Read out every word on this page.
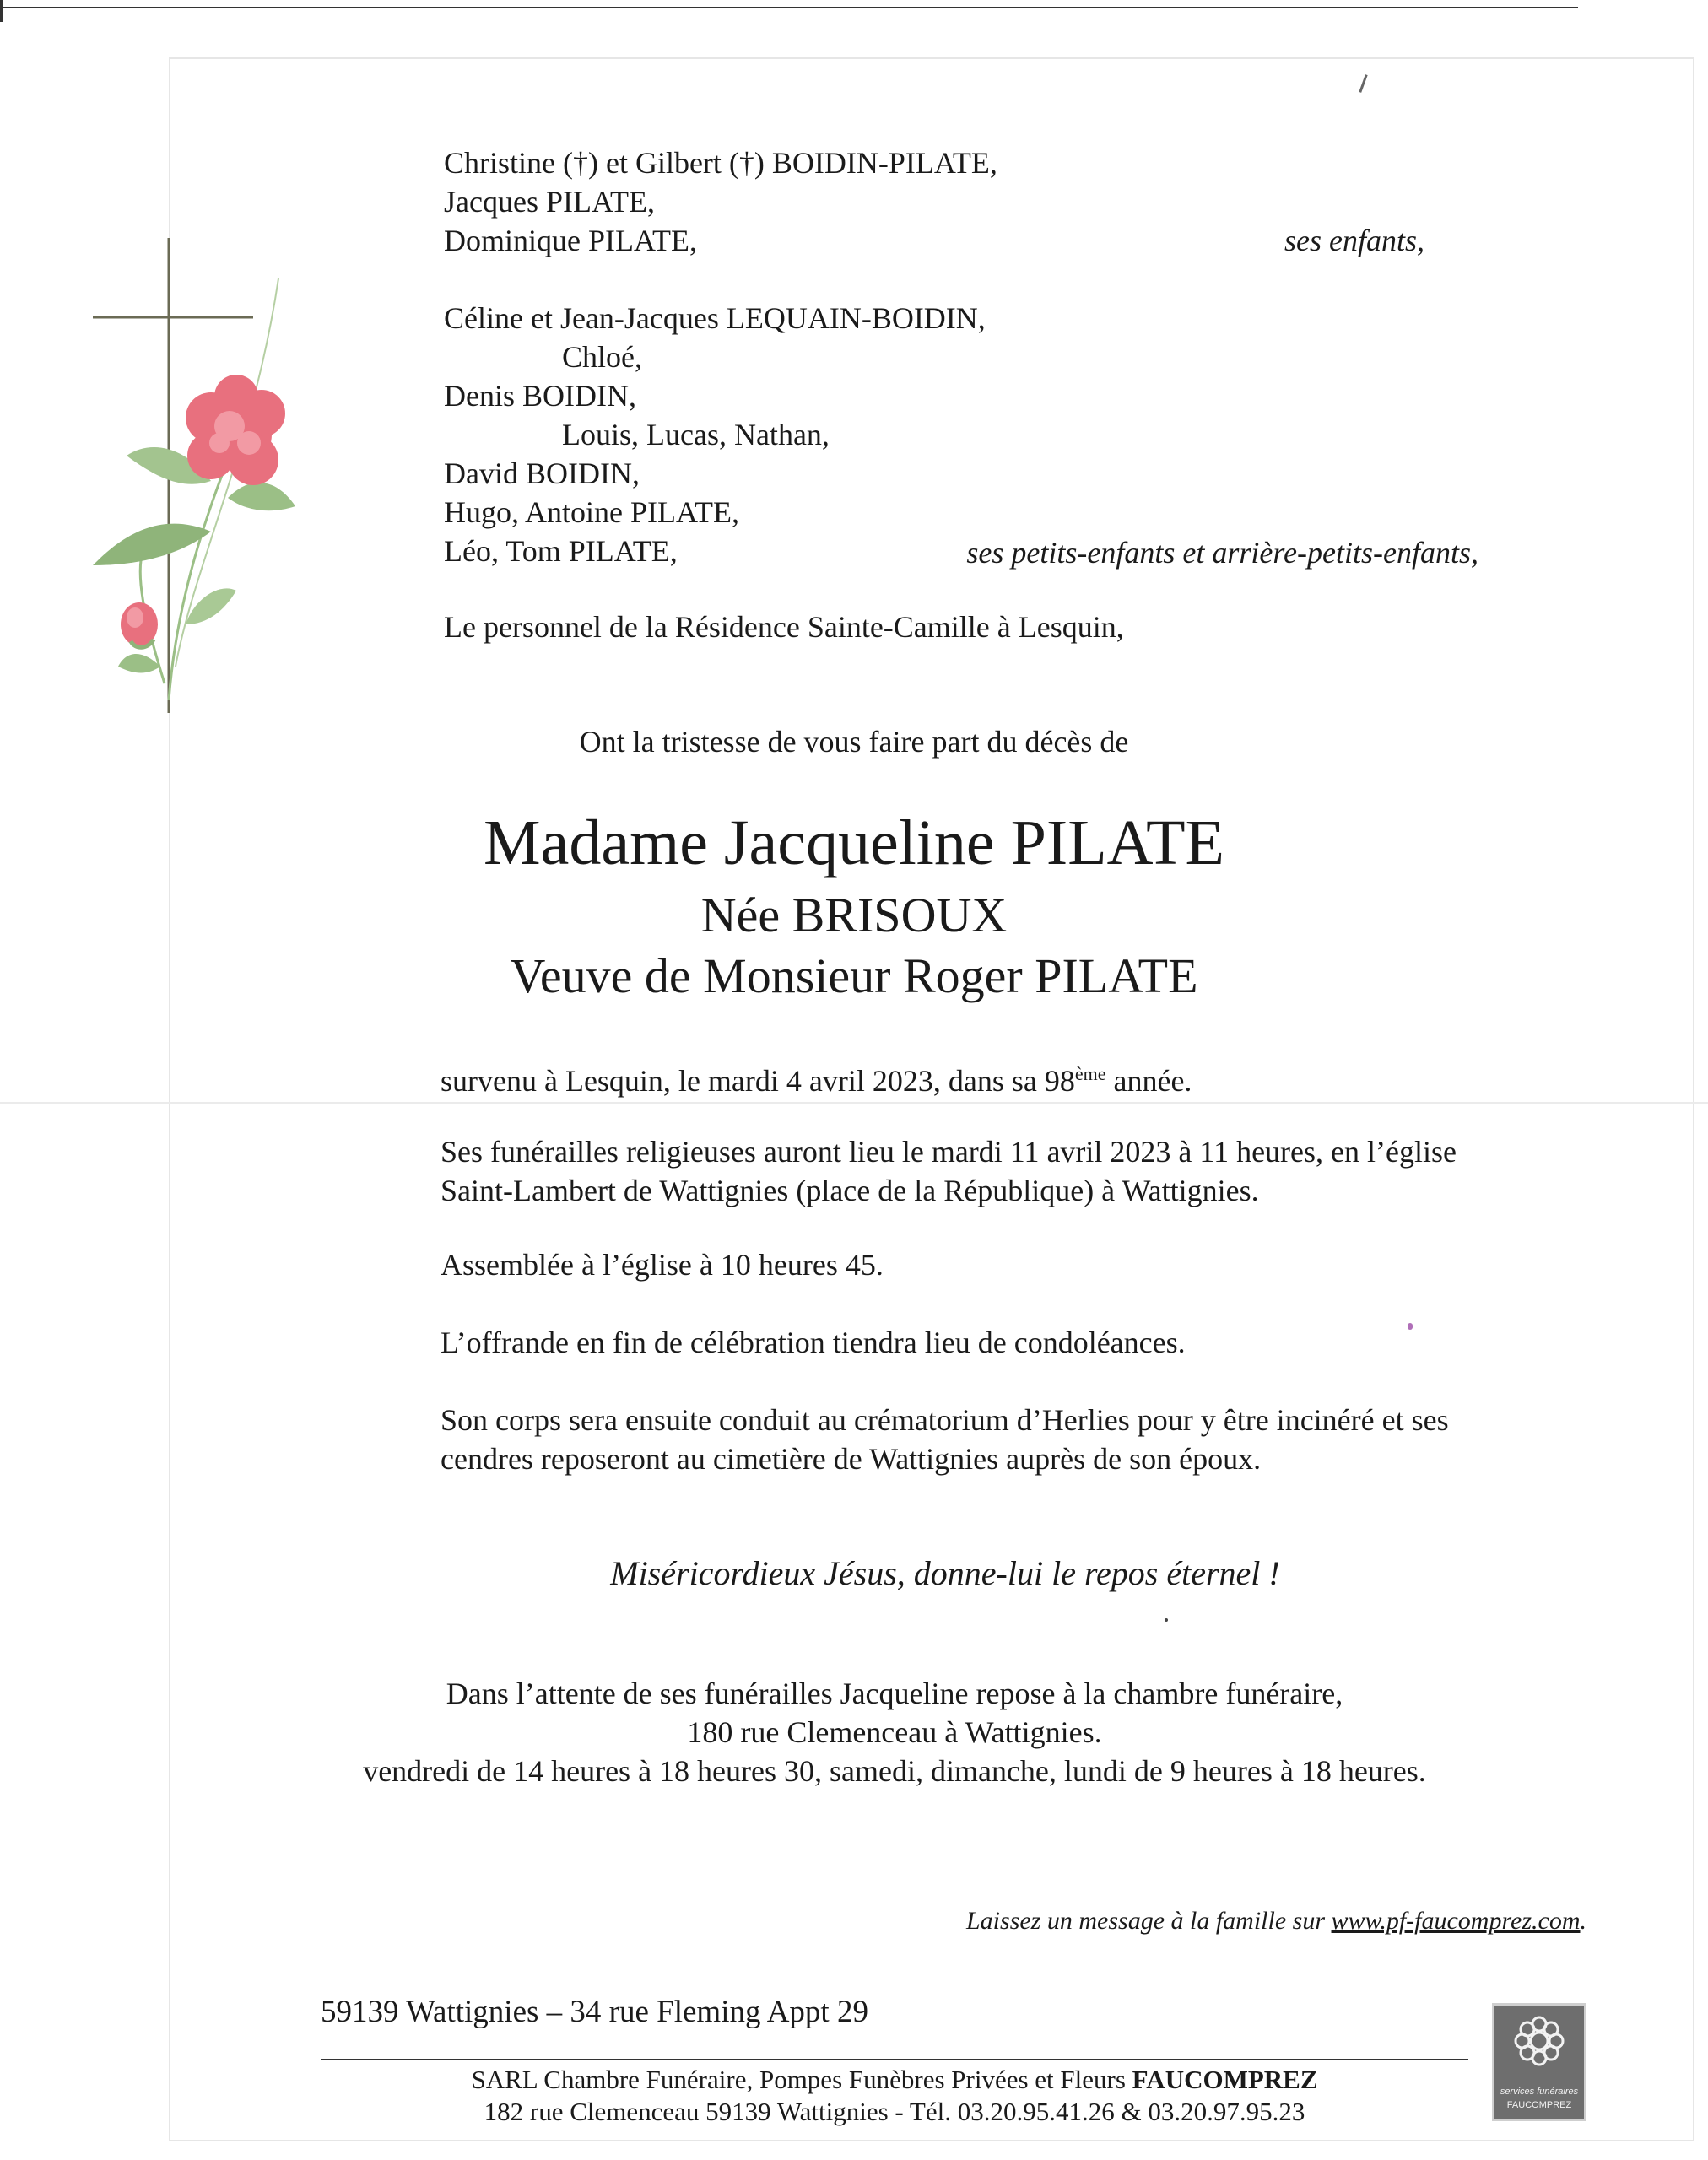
Christine (†) et Gilbert (†) BOIDIN-PILATE,
Jacques PILATE,
Dominique PILATE,	ses enfants,
Céline et Jean-Jacques LEQUAIN-BOIDIN,
Chloé,
Denis BOIDIN,
Louis, Lucas, Nathan,
David BOIDIN,
Hugo, Antoine PILATE,
Léo, Tom PILATE,	ses petits-enfants et arrière-petits-enfants,
Le personnel de la Résidence Sainte-Camille à Lesquin,
Ont la tristesse de vous faire part du décès de
Madame Jacqueline PILATE
Née BRISOUX
Veuve de Monsieur Roger PILATE
survenu à Lesquin, le mardi 4 avril 2023, dans sa 98ème année.
Ses funérailles religieuses auront lieu le mardi 11 avril 2023 à 11 heures, en l’église
Saint-Lambert de Wattignies (place de la République) à Wattignies.
Assemblée à l’église à 10 heures 45.
L’offrande en fin de célébration tiendra lieu de condoléances.
Son corps sera ensuite conduit au crématorium d’Herlies pour y être incinéré et ses
cendres reposeront au cimetière de Wattignies auprès de son époux.
Miséricordieux Jésus, donne-lui le repos éternel !
Dans l’attente de ses funérailles Jacqueline repose à la chambre funéraire,
180 rue Clemenceau à Wattignies.
vendredi de 14 heures à 18 heures 30, samedi, dimanche, lundi de 9 heures à 18 heures.
Laissez un message à la famille sur www.pf-faucomprez.com.
59139 Wattignies – 34 rue Fleming Appt 29
SARL Chambre Funéraire, Pompes Funèbres Privées et Fleurs FAUCOMPREZ
182 rue Clemenceau 59139 Wattignies - Tél. 03.20.95.41.26 & 03.20.97.95.23
services funéraires
FAUCOMPREZ
